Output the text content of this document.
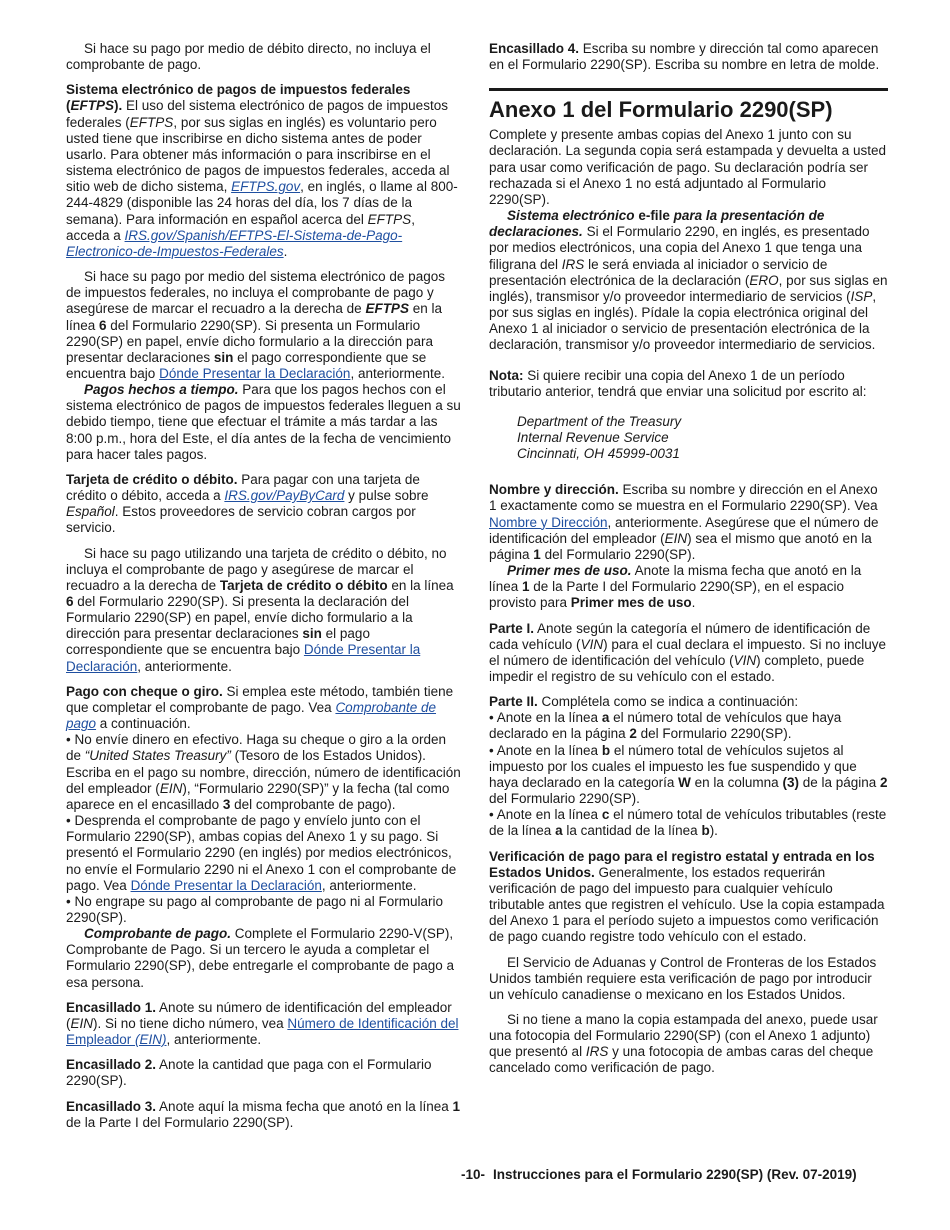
Si hace su pago por medio de débito directo, no incluya el comprobante de pago.

Sistema electrónico de pagos de impuestos federales (EFTPS). El uso del sistema electrónico de pagos de impuestos federales (EFTPS, por sus siglas en inglés) es voluntario pero usted tiene que inscribirse en dicho sistema antes de poder usarlo. Para obtener más información o para inscribirse en el sistema electrónico de pagos de impuestos federales, acceda al sitio web de dicho sistema, EFTPS.gov, en inglés, o llame al 800-244-4829 (disponible las 24 horas del día, los 7 días de la semana). Para información en español acerca del EFTPS, acceda a IRS.gov/Spanish/EFTPS-El-Sistema-de-Pago-Electronico-de-Impuestos-Federales.

Si hace su pago por medio del sistema electrónico de pagos de impuestos federales, no incluya el comprobante de pago y asegúrese de marcar el recuadro a la derecha de EFTPS en la línea 6 del Formulario 2290(SP). Si presenta un Formulario 2290(SP) en papel, envíe dicho formulario a la dirección para presentar declaraciones sin el pago correspondiente que se encuentra bajo Dónde Presentar la Declaración, anteriormente.

Pagos hechos a tiempo. Para que los pagos hechos con el sistema electrónico de pagos de impuestos federales lleguen a su debido tiempo, tiene que efectuar el trámite a más tardar a las 8:00 p.m., hora del Este, el día antes de la fecha de vencimiento para hacer tales pagos.

Tarjeta de crédito o débito. Para pagar con una tarjeta de crédito o débito, acceda a IRS.gov/PayByCard y pulse sobre Español. Estos proveedores de servicio cobran cargos por servicio.

Si hace su pago utilizando una tarjeta de crédito o débito, no incluya el comprobante de pago y asegúrese de marcar el recuadro a la derecha de Tarjeta de crédito o débito en la línea 6 del Formulario 2290(SP). Si presenta la declaración del Formulario 2290(SP) en papel, envíe dicho formulario a la dirección para presentar declaraciones sin el pago correspondiente que se encuentra bajo Dónde Presentar la Declaración, anteriormente.

Pago con cheque o giro. Si emplea este método, también tiene que completar el comprobante de pago. Vea Comprobante de pago a continuación.

• No envíe dinero en efectivo. Haga su cheque o giro a la orden de “United States Treasury” (Tesoro de los Estados Unidos). Escriba en el pago su nombre, dirección, número de identificación del empleador (EIN), “Formulario 2290(SP)” y la fecha (tal como aparece en el encasillado 3 del comprobante de pago).

• Desprenda el comprobante de pago y envíelo junto con el Formulario 2290(SP), ambas copias del Anexo 1 y su pago. Si presentó el Formulario 2290 (en inglés) por medios electrónicos, no envíe el Formulario 2290 ni el Anexo 1 con el comprobante de pago. Vea Dónde Presentar la Declaración, anteriormente.

• No engrape su pago al comprobante de pago ni al Formulario 2290(SP).

Comprobante de pago. Complete el Formulario 2290-V(SP), Comprobante de Pago. Si un tercero le ayuda a completar el Formulario 2290(SP), debe entregarle el comprobante de pago a esa persona.

Encasillado 1. Anote su número de identificación del empleador (EIN). Si no tiene dicho número, vea Número de Identificación del Empleador (EIN), anteriormente.

Encasillado 2. Anote la cantidad que paga con el Formulario 2290(SP).

Encasillado 3. Anote aquí la misma fecha que anotó en la línea 1 de la Parte I del Formulario 2290(SP).

Encasillado 4. Escriba su nombre y dirección tal como aparecen en el Formulario 2290(SP). Escriba su nombre en letra de molde.

Anexo 1 del Formulario 2290(SP)

Complete y presente ambas copias del Anexo 1 junto con su declaración. La segunda copia será estampada y devuelta a usted para usar como verificación de pago. Su declaración podría ser rechazada si el Anexo 1 no está adjuntado al Formulario 2290(SP).

Sistema electrónico e-file para la presentación de declaraciones. Si el Formulario 2290, en inglés, es presentado por medios electrónicos, una copia del Anexo 1 que tenga una filigrana del IRS le será enviada al iniciador o servicio de presentación electrónica de la declaración (ERO, por sus siglas en inglés), transmisor y/o proveedor intermediario de servicios (ISP, por sus siglas en inglés). Pídale la copia electrónica original del Anexo 1 al iniciador o servicio de presentación electrónica de la declaración, transmisor y/o proveedor intermediario de servicios.

Nota: Si quiere recibir una copia del Anexo 1 de un período tributario anterior, tendrá que enviar una solicitud por escrito al:

Department of the Treasury
Internal Revenue Service
Cincinnati, OH 45999-0031

Nombre y dirección. Escriba su nombre y dirección en el Anexo 1 exactamente como se muestra en el Formulario 2290(SP). Vea Nombre y Dirección, anteriormente. Asegúrese que el número de identificación del empleador (EIN) sea el mismo que anotó en la página 1 del Formulario 2290(SP).

Primer mes de uso. Anote la misma fecha que anotó en la línea 1 de la Parte I del Formulario 2290(SP), en el espacio provisto para Primer mes de uso.

Parte I. Anote según la categoría el número de identificación de cada vehículo (VIN) para el cual declara el impuesto. Si no incluye el número de identificación del vehículo (VIN) completo, puede impedir el registro de su vehículo con el estado.

Parte II. Complétela como se indica a continuación:

• Anote en la línea a el número total de vehículos que haya declarado en la página 2 del Formulario 2290(SP).

• Anote en la línea b el número total de vehículos sujetos al impuesto por los cuales el impuesto les fue suspendido y que haya declarado en la categoría W en la columna (3) de la página 2 del Formulario 2290(SP).

• Anote en la línea c el número total de vehículos tributables (reste de la línea a la cantidad de la línea b).

Verificación de pago para el registro estatal y entrada en los Estados Unidos. Generalmente, los estados requerirán verificación de pago del impuesto para cualquier vehículo tributable antes que registren el vehículo. Use la copia estampada del Anexo 1 para el período sujeto a impuestos como verificación de pago cuando registre todo vehículo con el estado.

El Servicio de Aduanas y Control de Fronteras de los Estados Unidos también requiere esta verificación de pago por introducir un vehículo canadiense o mexicano en los Estados Unidos.

Si no tiene a mano la copia estampada del anexo, puede usar una fotocopia del Formulario 2290(SP) (con el Anexo 1 adjunto) que presentó al IRS y una fotocopia de ambas caras del cheque cancelado como verificación de pago.

-10- Instrucciones para el Formulario 2290(SP) (Rev. 07-2019)
